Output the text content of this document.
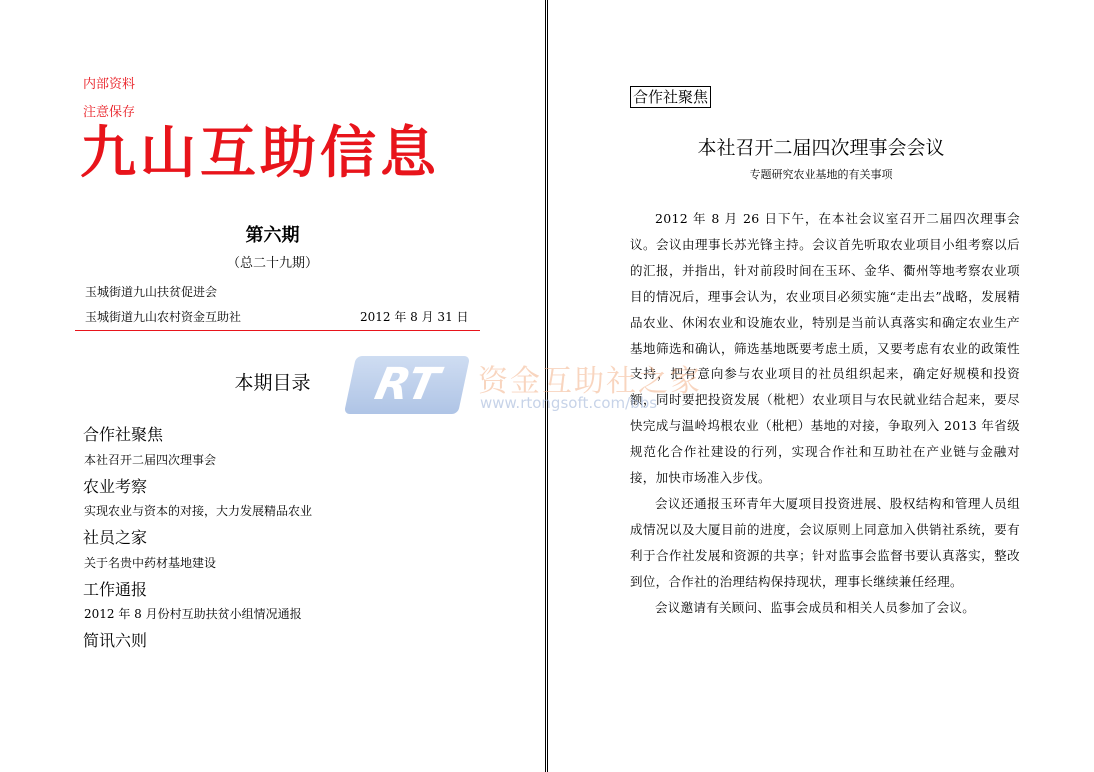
内部资料
注意保存
九山互助信息
第六期
（总二十九期）
玉城街道九山扶贫促进会
玉城街道九山农村资金互助社	2012 年 8 月 31 日
本期目录
合作社聚焦
本社召开二届四次理事会
农业考察
实现农业与资本的对接，大力发展精品农业
社员之家
关于名贵中药材基地建设
工作通报
2012 年 8 月份村互助扶贫小组情况通报
简讯六则
合作社聚焦
本社召开二届四次理事会会议
专题研究农业基地的有关事项

2012 年 8 月 26 日下午，在本社会议室召开二届四次理事会议。会议由理事长苏光锋主持。会议首先听取农业项目小组考察以后的汇报，并指出，针对前段时间在玉环、金华、衢州等地考察农业项目的情况后，理事会认为，农业项目必须实施“走出去”战略，发展精品农业、休闲农业和设施农业，特别是当前认真落实和确定农业生产基地筛选和确认，筛选基地既要考虑土质，又要考虑有农业的政策性支持，把有意向参与农业项目的社员组织起来，确定好规模和投资额，同时要把投资发展（枇杷）农业项目与农民就业结合起来，要尽快完成与温岭坞根农业（枇杷）基地的对接，争取列入 2013 年省级规范化合作社建设的行列，实现合作社和互助社在产业链与金融对接，加快市场准入步伐。

会议还通报玉环青年大厦项目投资进展、股权结构和管理人员组成情况以及大厦目前的进度，会议原则上同意加入供销社系统，要有利于合作社发展和资源的共享；针对监事会监督书要认真落实，整改到位，合作社的治理结构保持现状，理事长继续兼任经理。

会议邀请有关顾问、监事会成员和相关人员参加了会议。

RT	资金互助社之家
www.rtongsoft.com/bbs
